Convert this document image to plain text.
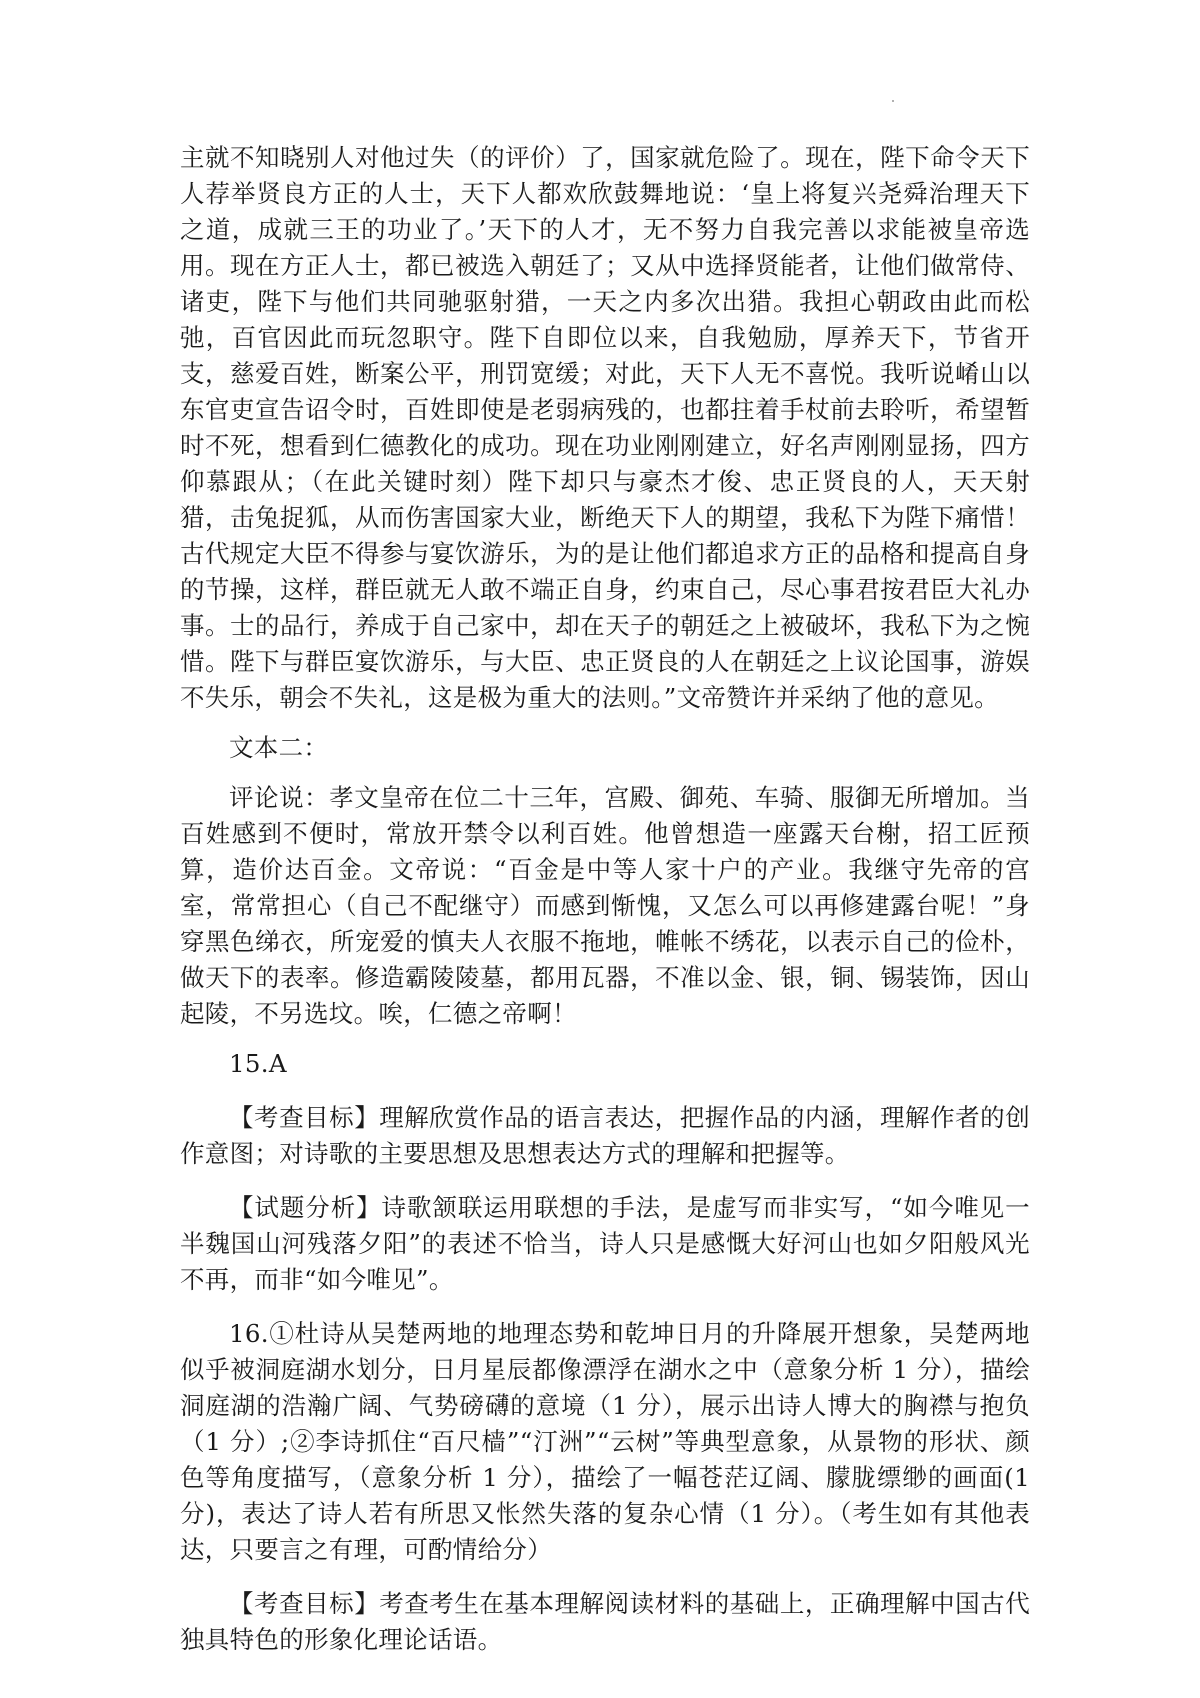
主就不知晓别人对他过失（的评价）了，国家就危险了。现在，陛下命令天下人荐举贤良方正的人士，天下人都欢欣鼓舞地说：‘皇上将复兴尧舜治理天下之道，成就三王的功业了。’天下的人才，无不努力自我完善以求能被皇帝选用。现在方正人士，都已被选入朝廷了；又从中选择贤能者，让他们做常侍、诸吏，陛下与他们共同驰驱射猎，一天之内多次出猎。我担心朝政由此而松弛，百官因此而玩忽职守。陛下自即位以来，自我勉励，厚养天下，节省开支，慈爱百姓，断案公平，刑罚宽缓；对此，天下人无不喜悦。我听说崤山以东官吏宣告诏令时，百姓即使是老弱病残的，也都拄着手杖前去聆听，希望暂时不死，想看到仁德教化的成功。现在功业刚刚建立，好名声刚刚显扬，四方仰慕跟从；（在此关键时刻）陛下却只与豪杰才俊、忠正贤良的人，天天射猎，击兔捉狐，从而伤害国家大业，断绝天下人的期望，我私下为陛下痛惜！古代规定大臣不得参与宴饮游乐，为的是让他们都追求方正的品格和提高自身的节操，这样，群臣就无人敢不端正自身，约束自己，尽心事君按君臣大礼办事。士的品行，养成于自己家中，却在天子的朝廷之上被破坏，我私下为之惋惜。陛下与群臣宴饮游乐，与大臣、忠正贤良的人在朝廷之上议论国事，游娱不失乐，朝会不失礼，这是极为重大的法则。”文帝赞许并采纳了他的意见。

文本二：

评论说：孝文皇帝在位二十三年，宫殿、御苑、车骑、服御无所增加。当百姓感到不便时，常放开禁令以利百姓。他曾想造一座露天台榭，招工匠预算，造价达百金。文帝说：“百金是中等人家十户的产业。我继守先帝的宫室，常常担心（自己不配继守）而感到惭愧，又怎么可以再修建露台呢！”身穿黑色绨衣，所宠爱的慎夫人衣服不拖地，帷帐不绣花，以表示自己的俭朴，做天下的表率。修造霸陵陵墓，都用瓦器，不准以金、银，铜、锡装饰，因山起陵，不另选坟。唉，仁德之帝啊！

15.A

【考查目标】理解欣赏作品的语言表达，把握作品的内涵，理解作者的创作意图；对诗歌的主要思想及思想表达方式的理解和把握等。

【试题分析】诗歌颔联运用联想的手法，是虚写而非实写，“如今唯见一半魏国山河残落夕阳”的表述不恰当，诗人只是感慨大好河山也如夕阳般风光不再，而非“如今唯见”。

16.①杜诗从吴楚两地的地理态势和乾坤日月的升降展开想象，吴楚两地似乎被洞庭湖水划分，日月星辰都像漂浮在湖水之中（意象分析 1 分），描绘洞庭湖的浩瀚广阔、气势磅礴的意境（1 分），展示出诗人博大的胸襟与抱负（1 分）;②李诗抓住“百尺樯”“汀洲”“云树”等典型意象，从景物的形状、颜色等角度描写，（意象分析 1 分），描绘了一幅苍茫辽阔、朦胧缥缈的画面(1 分)，表达了诗人若有所思又怅然失落的复杂心情（1 分）。（考生如有其他表达，只要言之有理，可酌情给分）

【考查目标】考查考生在基本理解阅读材料的基础上，正确理解中国古代独具特色的形象化理论话语。
